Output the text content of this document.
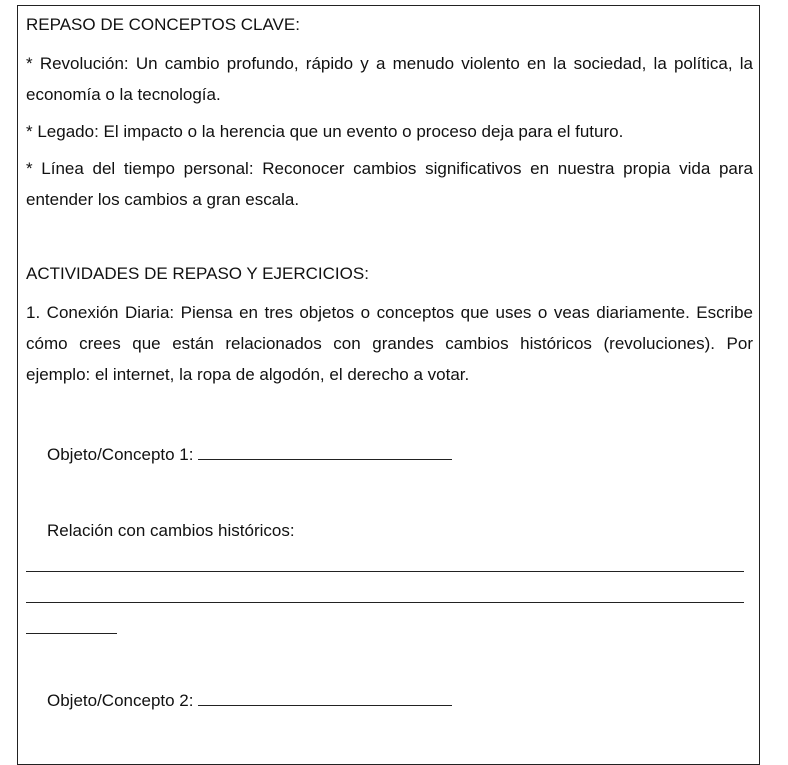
REPASO DE CONCEPTOS CLAVE:

* Revolución: Un cambio profundo, rápido y a menudo violento en la sociedad, la política, la economía o la tecnología.

* Legado: El impacto o la herencia que un evento o proceso deja para el futuro.

* Línea del tiempo personal: Reconocer cambios significativos en nuestra propia vida para entender los cambios a gran escala.

ACTIVIDADES DE REPASO Y EJERCICIOS:

1. Conexión Diaria: Piensa en tres objetos o conceptos que uses o veas diariamente. Escribe cómo crees que están relacionados con grandes cambios históricos (revoluciones). Por ejemplo: el internet, la ropa de algodón, el derecho a votar.

Objeto/Concepto 1:
Relación con cambios históricos:
Objeto/Concepto 2:
